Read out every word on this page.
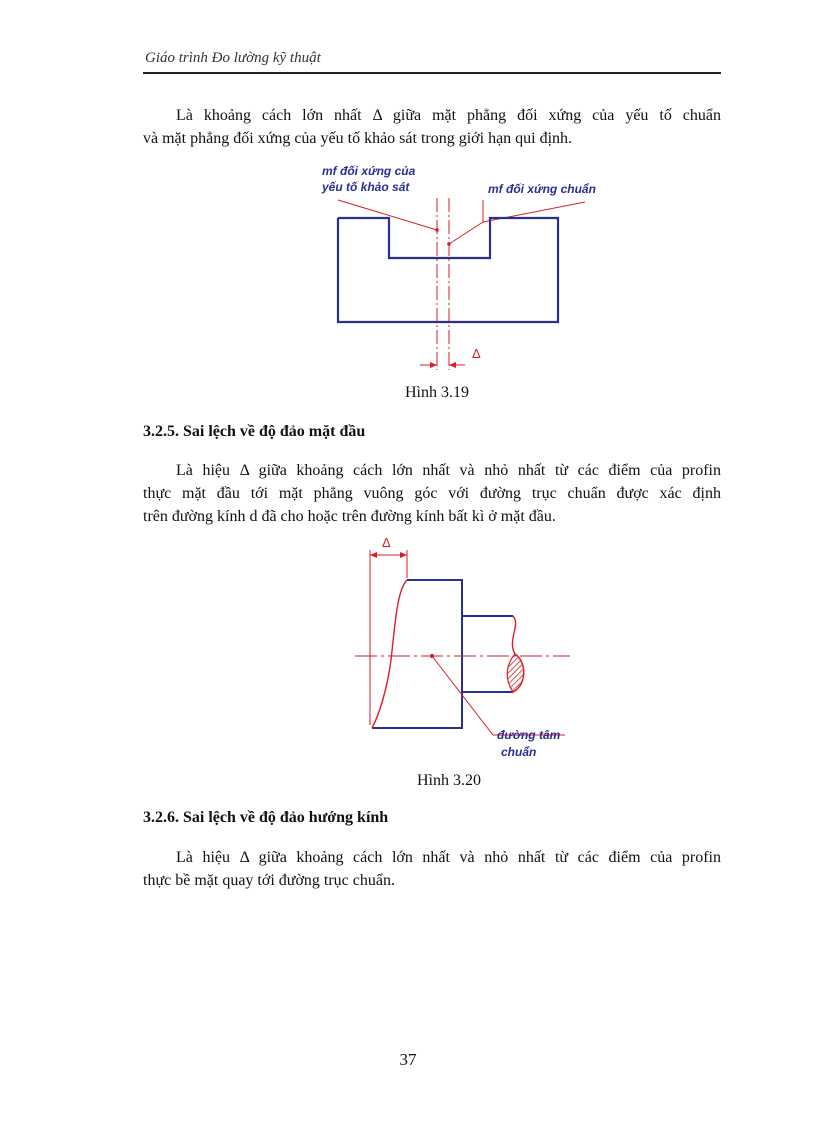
Giáo trình Đo lường kỹ thuật
Là khoảng cách lớn nhất Δ giữa mặt phẳng đối xứng của yếu tố chuẩn
và mặt phẳng đối xứng của yếu tố khảo sát trong giới hạn qui định.
mf đối xứng của
yếu tố khảo sát	mf đối xứng chuẩn
Δ
Hình 3.19
3.2.5. Sai lệch về độ đảo mặt đầu
Là hiệu Δ giữa khoảng cách lớn nhất và nhỏ nhất từ các điểm của profin
thực mặt đầu tới mặt phẳng vuông góc với đường trục chuẩn được xác định
trên đường kính d đã cho hoặc trên đường kính bất kì ở mặt đầu.
Δ
đường tâm
chuẩn
Hình 3.20
3.2.6. Sai lệch về độ đảo hướng kính
Là hiệu Δ giữa khoảng cách lớn nhất và nhỏ nhất từ các điểm của profin
thực bề mặt quay tới đường trục chuẩn.
37
